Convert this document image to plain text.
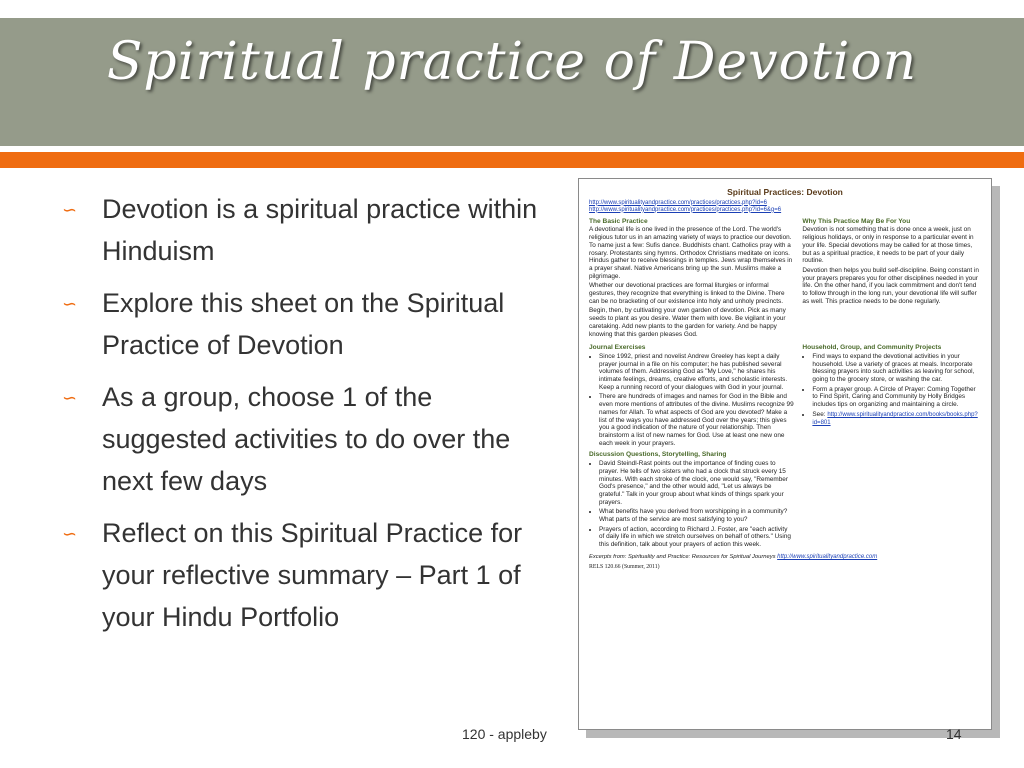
Spiritual practice of Devotion
∽ Devotion is a spiritual practice within Hinduism
∽ Explore this sheet on the Spiritual Practice of Devotion
∽ As a group, choose 1 of the suggested activities to do over the next few days
∽ Reflect on this Spiritual Practice for your reflective summary – Part 1 of your Hindu Portfolio
Spiritual Practices: Devotion
http://www.spiritualityandpractice.com/practices/practices.php?id=6
http://www.spiritualityandpractice.com/practices/practices.php?id=6&g=6
The Basic Practice

A devotional life is one lived in the presence of the Lord. The world's religious tutor us in an amazing variety of ways to practice our devotion. To name just a few: Sufis dance. Buddhists chant. Catholics pray with a rosary. Protestants sing hymns. Orthodox Christians meditate on icons. Hindus gather to receive blessings in temples. Jews wrap themselves in a prayer shawl. Native Americans bring up the sun. Muslims make a pilgrimage.

Whether our devotional practices are formal liturgies or informal gestures, they recognize that everything is linked to the Divine. There can be no bracketing of our existence into holy and unholy precincts.

Begin, then, by cultivating your own garden of devotion. Pick as many seeds to plant as you desire. Water them with love. Be vigilant in your caretaking. Add new plants to the garden for variety. And be happy knowing that this garden pleases God.

Why This Practice May Be For You

Devotion is not something that is done once a week, just on religious holidays, or only in response to a particular event in your life. Special devotions may be called for at those times, but as a spiritual practice, it needs to be part of your daily routine.

Devotion then helps you build self-discipline. Being constant in your prayers prepares you for other disciplines needed in your life. On the other hand, if you lack commitment and don't tend to follow through in the long run, your devotional life will suffer as well. This practice needs to be done regularly.

Journal Exercises
• Since 1992, priest and novelist Andrew Greeley has kept a daily prayer journal in a file on his computer; he has published several volumes of them. Addressing God as "My Love," he shares his intimate feelings, dreams, creative efforts, and scholastic interests. Keep a running record of your dialogues with God in your journal.
• There are hundreds of images and names for God in the Bible and even more mentions of attributes of the divine. Muslims recognize 99 names for Allah. To what aspects of God are you devoted? Make a list of the ways you have addressed God over the years; this gives you a good indication of the nature of your relationship. Then brainstorm a list of new names for God. Use at least one new one each week in your prayers.
Discussion Questions, Storytelling, Sharing
• David Steindl-Rast points out the importance of finding cues to prayer. He tells of two sisters who had a clock that struck every 15 minutes. With each stroke of the clock, one would say, "Remember God's presence," and the other would add, "Let us always be grateful." Talk in your group about what kinds of things spark your prayers.
• What benefits have you derived from worshipping in a community? What parts of the service are most satisfying to you?
• Prayers of action, according to Richard J. Foster, are "each activity of daily life in which we stretch ourselves on behalf of others." Using this definition, talk about your prayers of action this week.
Household, Group, and Community Projects
• Find ways to expand the devotional activities in your household. Use a variety of graces at meals. Incorporate blessing prayers into such activities as leaving for school, going to the grocery store, or washing the car.
• Form a prayer group. A Circle of Prayer: Coming Together to Find Spirit, Caring and Community by Holly Bridges includes tips on organizing and maintaining a circle.
• See: http://www.spiritualityandpractice.com/books/books.php?id=801
Excerpts from: Spirituality and Practice: Resources for Spiritual Journeys http://www.spiritualityandpractice.com
RELS 120.66 (Summer, 2011)
120 - appleby	14
